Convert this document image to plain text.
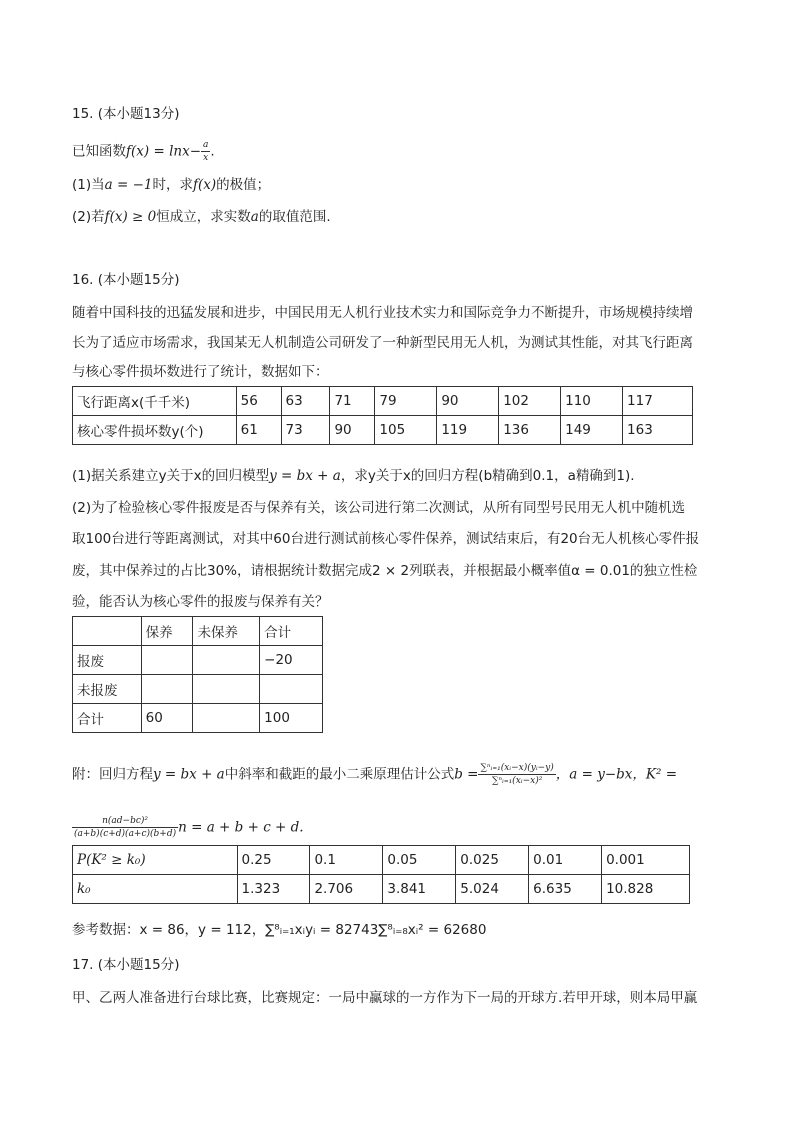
15. (本小题13分)
已知函数$f(x) = \ln x- \frac{a}{x}$ .
(1)当a = −1时，求f(x)的极值；
(2)若f(x) ≥ 0恒成立，求实数a的取值范围.
16. (本小题15分)
随着中国科技的迅猛发展和进步，中国民用无人机行业技术实力和国际竞争力不断提升，市场规模持续增
长为了适应市场需求，我国某无人机制造公司研发了一种新型民用无人机，为测试其性能，对其飞行距离
与核心零件损坏数进行了统计，数据如下：
飞行距离x(千千米)	56	63	71	79	90	102	110	117
核心零件损坏数y(个)	61	73	90	105	119	136	149	163
(1)据关系建立y关于x的回归模型y = bx + a，求y关于x的回归方程(b精确到0.1，a精确到1).
(2)为了检验核心零件报废是否与保养有关，该公司进行第二次测试，从所有同型号民用无人机中随机选
取100台进行等距离测试，对其中60台进行测试前核心零件保养，测试结束后，有20台无人机核心零件报
废，其中保养过的占比30%，请根据统计数据完成2 × 2列联表，并根据最小概率值α = 0.01的独立性检
验，能否认为核心零件的报废与保养有关？
	保养	未保养	合计
报废			−20
未报废			
合计	60		100
附：回归方程y = bx + a中斜率和截距的最小二乘原理估计公式$b = \frac{\text{∑ⁿᵢ₌₁(xᵢ−x)(yᵢ−y)}}{\text{∑ⁿᵢ₌₁(xᵢ−x)²}}$ ，a = y−bx，K² =
$\frac{\text{n(ad−bc)²}}{(a+b)(c+d)(a+c)(b+d)}$ n = a + b + c + d.
P(K² ≥ k₀)	0.25	0.1	0.05	0.025	0.01	0.001
k₀	1.323	2.706	3.841	5.024	6.635	10.828
参考数据：x = 86，y = 112，∑⁸ᵢ₌₁xᵢyᵢ = 82743∑⁸ᵢ₌₈xᵢ² = 62680
17. (本小题15分)
甲、乙两人准备进行台球比赛，比赛规定：一局中赢球的一方作为下一局的开球方.若甲开球，则本局甲赢
